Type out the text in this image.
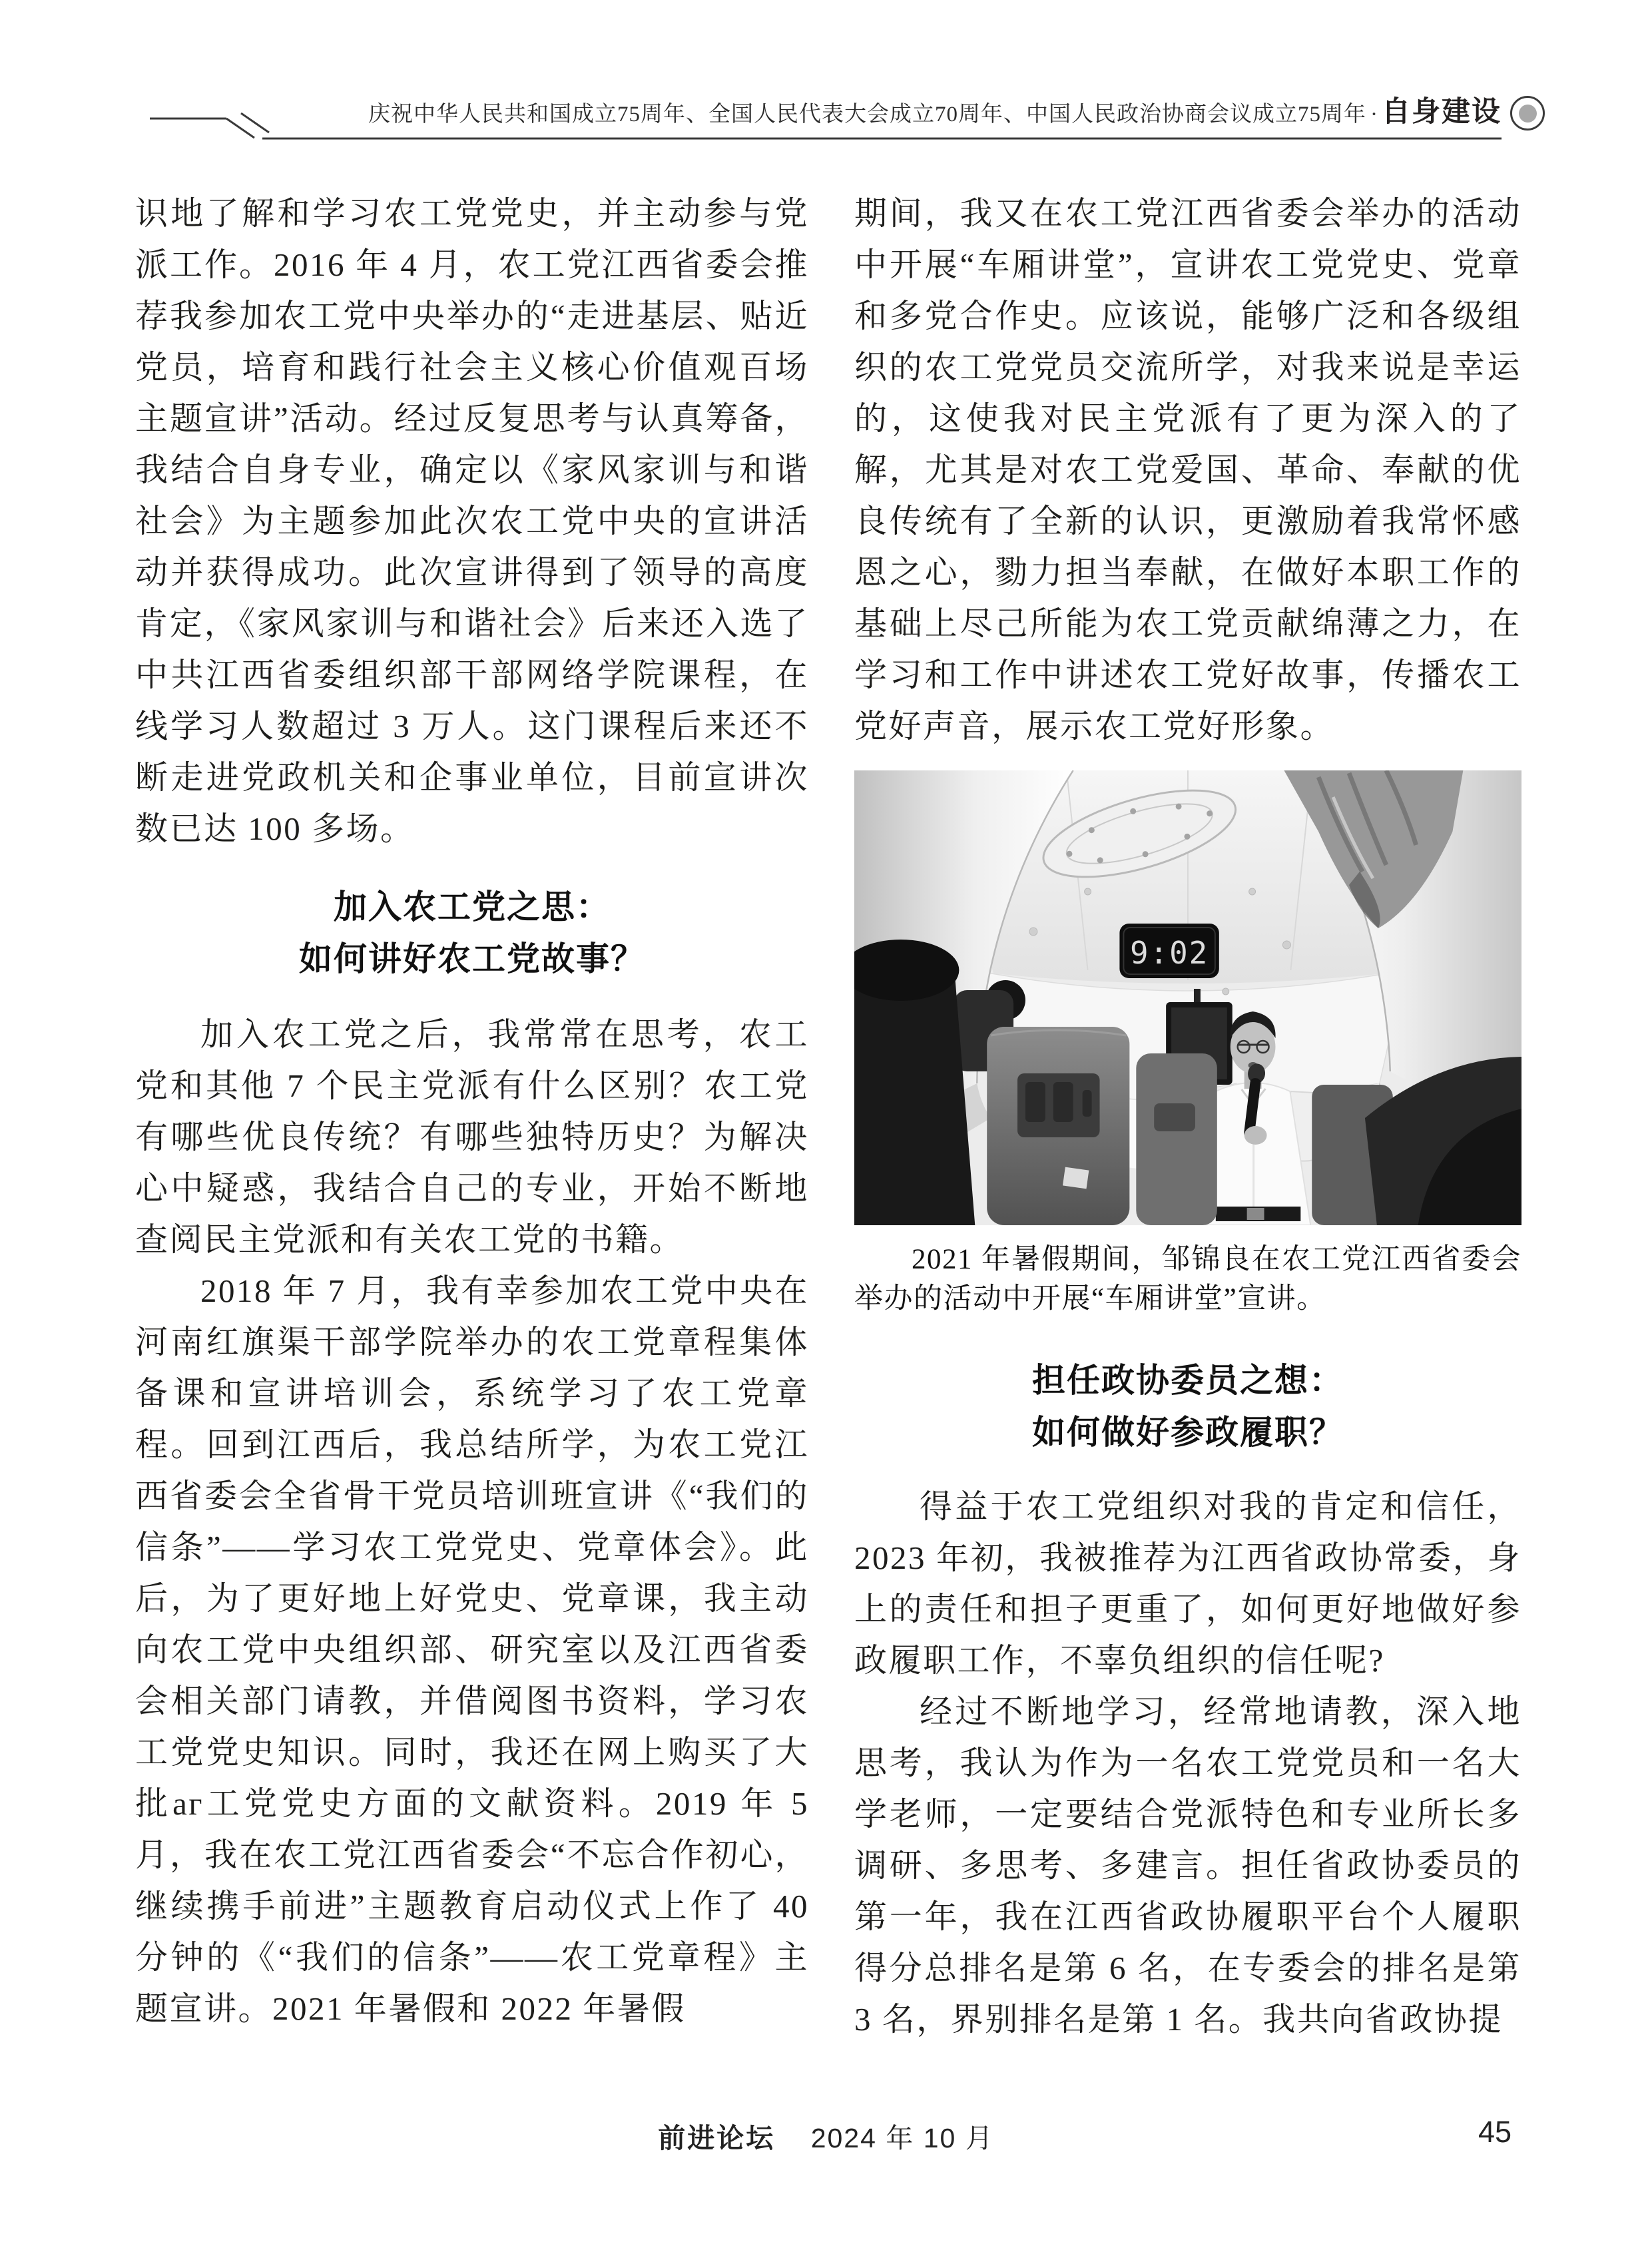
庆祝中华人民共和国成立75周年、全国人民代表大会成立70周年、中国人民政治协商会议成立75周年 · 自身建设

识地了解和学习农工党党史，并主动参与党派工作。2016 年 4 月，农工党江西省委会推荐我参加农工党中央举办的“走进基层、贴近党员，培育和践行社会主义核心价值观百场主题宣讲”活动。经过反复思考与认真筹备，我结合自身专业，确定以《家风家训与和谐社会》为主题参加此次农工党中央的宣讲活动并获得成功。此次宣讲得到了领导的高度肯定，《家风家训与和谐社会》后来还入选了中共江西省委组织部干部网络学院课程，在线学习人数超过 3 万人。这门课程后来还不断走进党政机关和企事业单位，目前宣讲次数已达 100 多场。

加入农工党之思：
如何讲好农工党故事？

加入农工党之后，我常常在思考，农工党和其他 7 个民主党派有什么区别？农工党有哪些优良传统？有哪些独特历史？为解决心中疑惑，我结合自己的专业，开始不断地查阅民主党派和有关农工党的书籍。

2018 年 7 月，我有幸参加农工党中央在河南红旗渠干部学院举办的农工党章程集体备课和宣讲培训会，系统学习了农工党章程。回到江西后，我总结所学，为农工党江西省委会全省骨干党员培训班宣讲《“我们的信条”——学习农工党党史、党章体会》。此后，为了更好地上好党史、党章课，我主动向农工党中央组织部、研究室以及江西省委会相关部门请教，并借阅图书资料，学习农工党党史知识。同时，我还在网上购买了大批аг工党党史方面的文献资料。2019 年 5 月，我在农工党江西省委会“不忘合作初心，继续携手前进”主题教育启动仪式上作了 40 分钟的《“我们的信条”——农工党章程》主题宣讲。2021 年暑假和 2022 年暑假

期间，我又在农工党江西省委会举办的活动中开展“车厢讲堂”，宣讲农工党党史、党章和多党合作史。应该说，能够广泛和各级组织的农工党党员交流所学，对我来说是幸运的，这使我对民主党派有了更为深入的了解，尤其是对农工党爱国、革命、奉献的优良传统有了全新的认识，更激励着我常怀感恩之心，勠力担当奉献，在做好本职工作的基础上尽己所能为农工党贡献绵薄之力，在学习和工作中讲述农工党好故事，传播农工党好声音，展示农工党好形象。

9:02

2021 年暑假期间，邹锦良在农工党江西省委会举办的活动中开展“车厢讲堂”宣讲。

担任政协委员之想：
如何做好参政履职？

得益于农工党组织对我的肯定和信任，2023 年初，我被推荐为江西省政协常委，身上的责任和担子更重了，如何更好地做好参政履职工作，不辜负组织的信任呢?

经过不断地学习，经常地请教，深入地思考，我认为作为一名农工党党员和一名大学老师，一定要结合党派特色和专业所长多调研、多思考、多建言。担任省政协委员的第一年，我在江西省政协履职平台个人履职得分总排名是第 6 名，在专委会的排名是第 3 名，界别排名是第 1 名。我共向省政协提

前进论坛 2024 年 10 月	45
